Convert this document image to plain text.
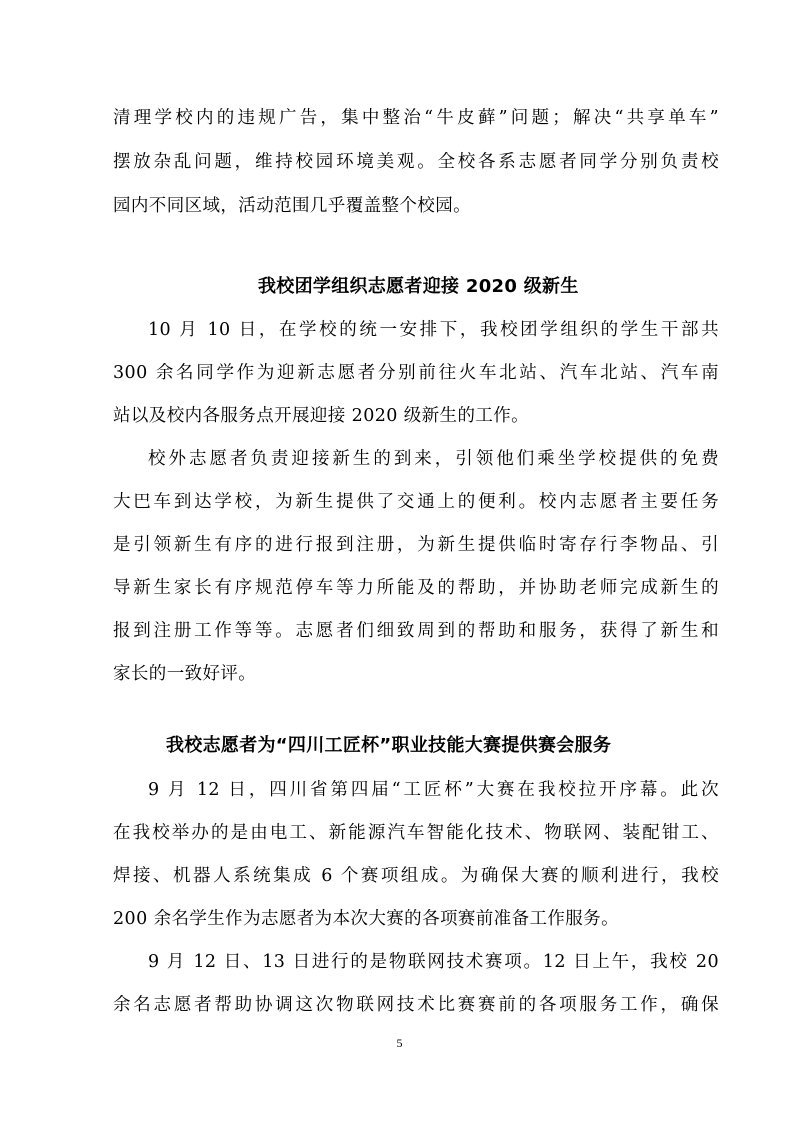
清理学校内的违规广告，集中整治“牛皮藓”问题；解决“共享单车”
摆放杂乱问题，维持校园环境美观。全校各系志愿者同学分别负责校
园内不同区域，活动范围几乎覆盖整个校园。
我校团学组织志愿者迎接 2020 级新生
10 月 10 日，在学校的统一安排下，我校团学组织的学生干部共
300 余名同学作为迎新志愿者分别前往火车北站、汽车北站、汽车南
站以及校内各服务点开展迎接 2020 级新生的工作。
校外志愿者负责迎接新生的到来，引领他们乘坐学校提供的免费
大巴车到达学校，为新生提供了交通上的便利。校内志愿者主要任务
是引领新生有序的进行报到注册，为新生提供临时寄存行李物品、引
导新生家长有序规范停车等力所能及的帮助，并协助老师完成新生的
报到注册工作等等。志愿者们细致周到的帮助和服务，获得了新生和
家长的一致好评。
我校志愿者为“四川工匠杯”职业技能大赛提供赛会服务
9 月 12 日，四川省第四届“工匠杯”大赛在我校拉开序幕。此次
在我校举办的是由电工、新能源汽车智能化技术、物联网、装配钳工、
焊接、机器人系统集成 6 个赛项组成。为确保大赛的顺利进行，我校
200 余名学生作为志愿者为本次大赛的各项赛前准备工作服务。
9 月 12 日、13 日进行的是物联网技术赛项。12 日上午，我校 20
余名志愿者帮助协调这次物联网技术比赛赛前的各项服务工作，确保
5
